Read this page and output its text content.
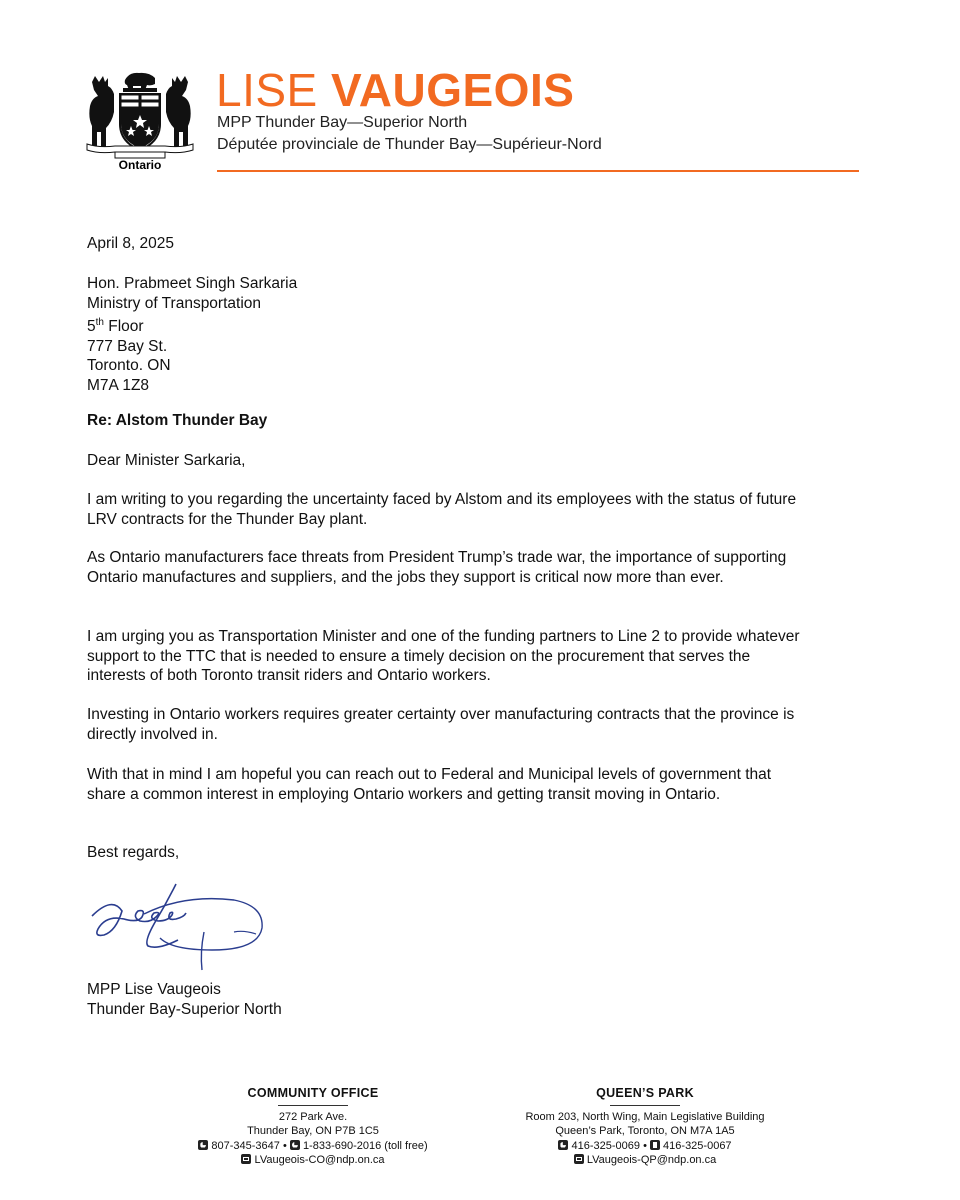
Ontario
LISE VAUGEOIS
MPP Thunder Bay—Superior North
Députée provinciale de Thunder Bay—Supérieur-Nord
April 8, 2025
Hon. Prabmeet Singh Sarkaria
Ministry of Transportation
5th Floor
777 Bay St.
Toronto. ON
M7A 1Z8
Re: Alstom Thunder Bay
Dear Minister Sarkaria,
I am writing to you regarding the uncertainty faced by Alstom and its employees with the status of future LRV contracts for the Thunder Bay plant.
As Ontario manufacturers face threats from President Trump’s trade war, the importance of supporting Ontario manufactures and suppliers, and the jobs they support is critical now more than ever.
I am urging you as Transportation Minister and one of the funding partners to Line 2 to provide whatever support to the TTC that is needed to ensure a timely decision on the procurement that serves the interests of both Toronto transit riders and Ontario workers.
Investing in Ontario workers requires greater certainty over manufacturing contracts that the province is directly involved in.
With that in mind I am hopeful you can reach out to Federal and Municipal levels of government that share a common interest in employing Ontario workers and getting transit moving in Ontario.
Best regards,
MPP Lise Vaugeois
Thunder Bay-Superior North
COMMUNITY OFFICE
272 Park Ave.
Thunder Bay, ON P7B 1C5
807-345-3647 •  1-833-690-2016 (toll free)
LVaugeois-CO@ndp.on.ca
QUEEN’S PARK
Room 203, North Wing, Main Legislative Building
Queen’s Park, Toronto, ON M7A 1A5
416-325-0069 •  416-325-0067
LVaugeois-QP@ndp.on.ca
